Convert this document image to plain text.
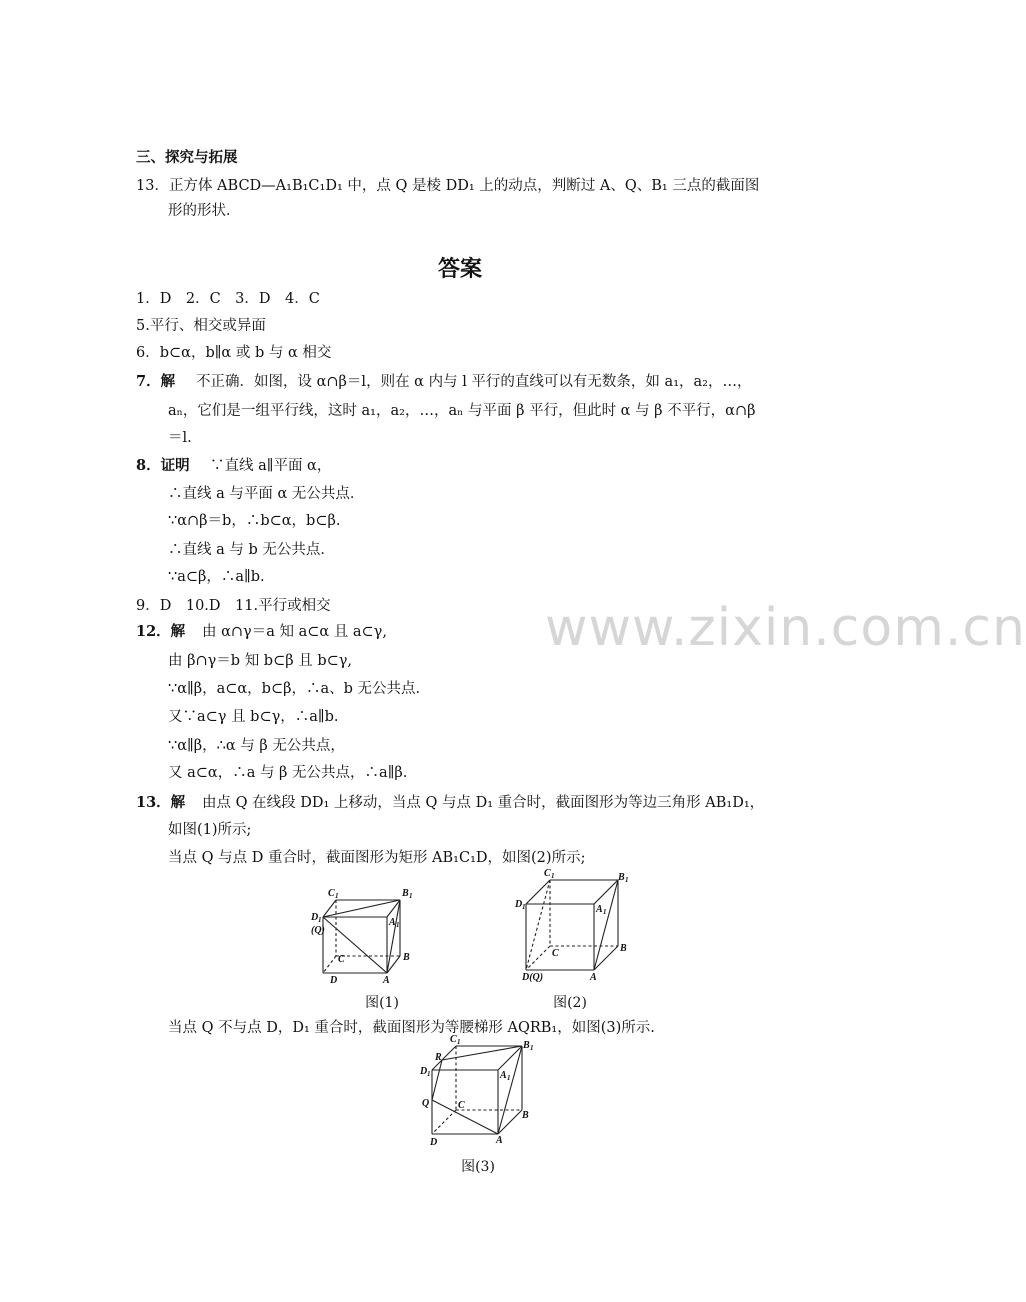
www.zixin.com.cn
三、探究与拓展
13．正方体 ABCD—A₁B₁C₁D₁ 中，点 Q 是棱 DD₁ 上的动点，判断过 A、Q、B₁ 三点的截面图
形的形状．
答案
1．D　2．C　3．D　4．C
5.平行、相交或异面
6．b⊂α，b∥α 或 b 与 α 相交
7．解 不正确．如图，设 α∩β＝l，则在 α 内与 l 平行的直线可以有无数条，如 a₁，a₂，…，
aₙ，它们是一组平行线，这时 a₁，a₂，…，aₙ 与平面 β 平行，但此时 α 与 β 不平行，α∩β
＝l.
8．证明 ∵直线 a∥平面 α，
∴直线 a 与平面 α 无公共点．
∵α∩β＝b，∴b⊂α，b⊂β.
∴直线 a 与 b 无公共点．
∵a⊂β，∴a∥b.
9．D　10.D　11.平行或相交
12．解 由 α∩γ＝a 知 a⊂α 且 a⊂γ,
由 β∩γ＝b 知 b⊂β 且 b⊂γ,
∵α∥β，a⊂α，b⊂β，∴a、b 无公共点．
又∵a⊂γ 且 b⊂γ，∴a∥b.
∵α∥β，∴α 与 β 无公共点，
又 a⊂α，∴a 与 β 无公共点，∴a∥β.
13．解 由点 Q 在线段 DD₁ 上移动，当点 Q 与点 D₁ 重合时，截面图形为等边三角形 AB₁D₁，
如图(1)所示;
当点 Q 与点 D 重合时，截面图形为矩形 AB₁C₁D，如图(2)所示;
C 1	B 1
D 1
(Q)
A 1
C	B
D	A
图(1)
C 1	B 1
D 1	A 1
C	B
D(Q)	A
图(2)
当点 Q 不与点 D，D₁ 重合时，截面图形为等腰梯形 AQRB₁，如图(3)所示.
C 1
R
B 1
D 1	A 1
Q	C
B
D	A
图(3)
